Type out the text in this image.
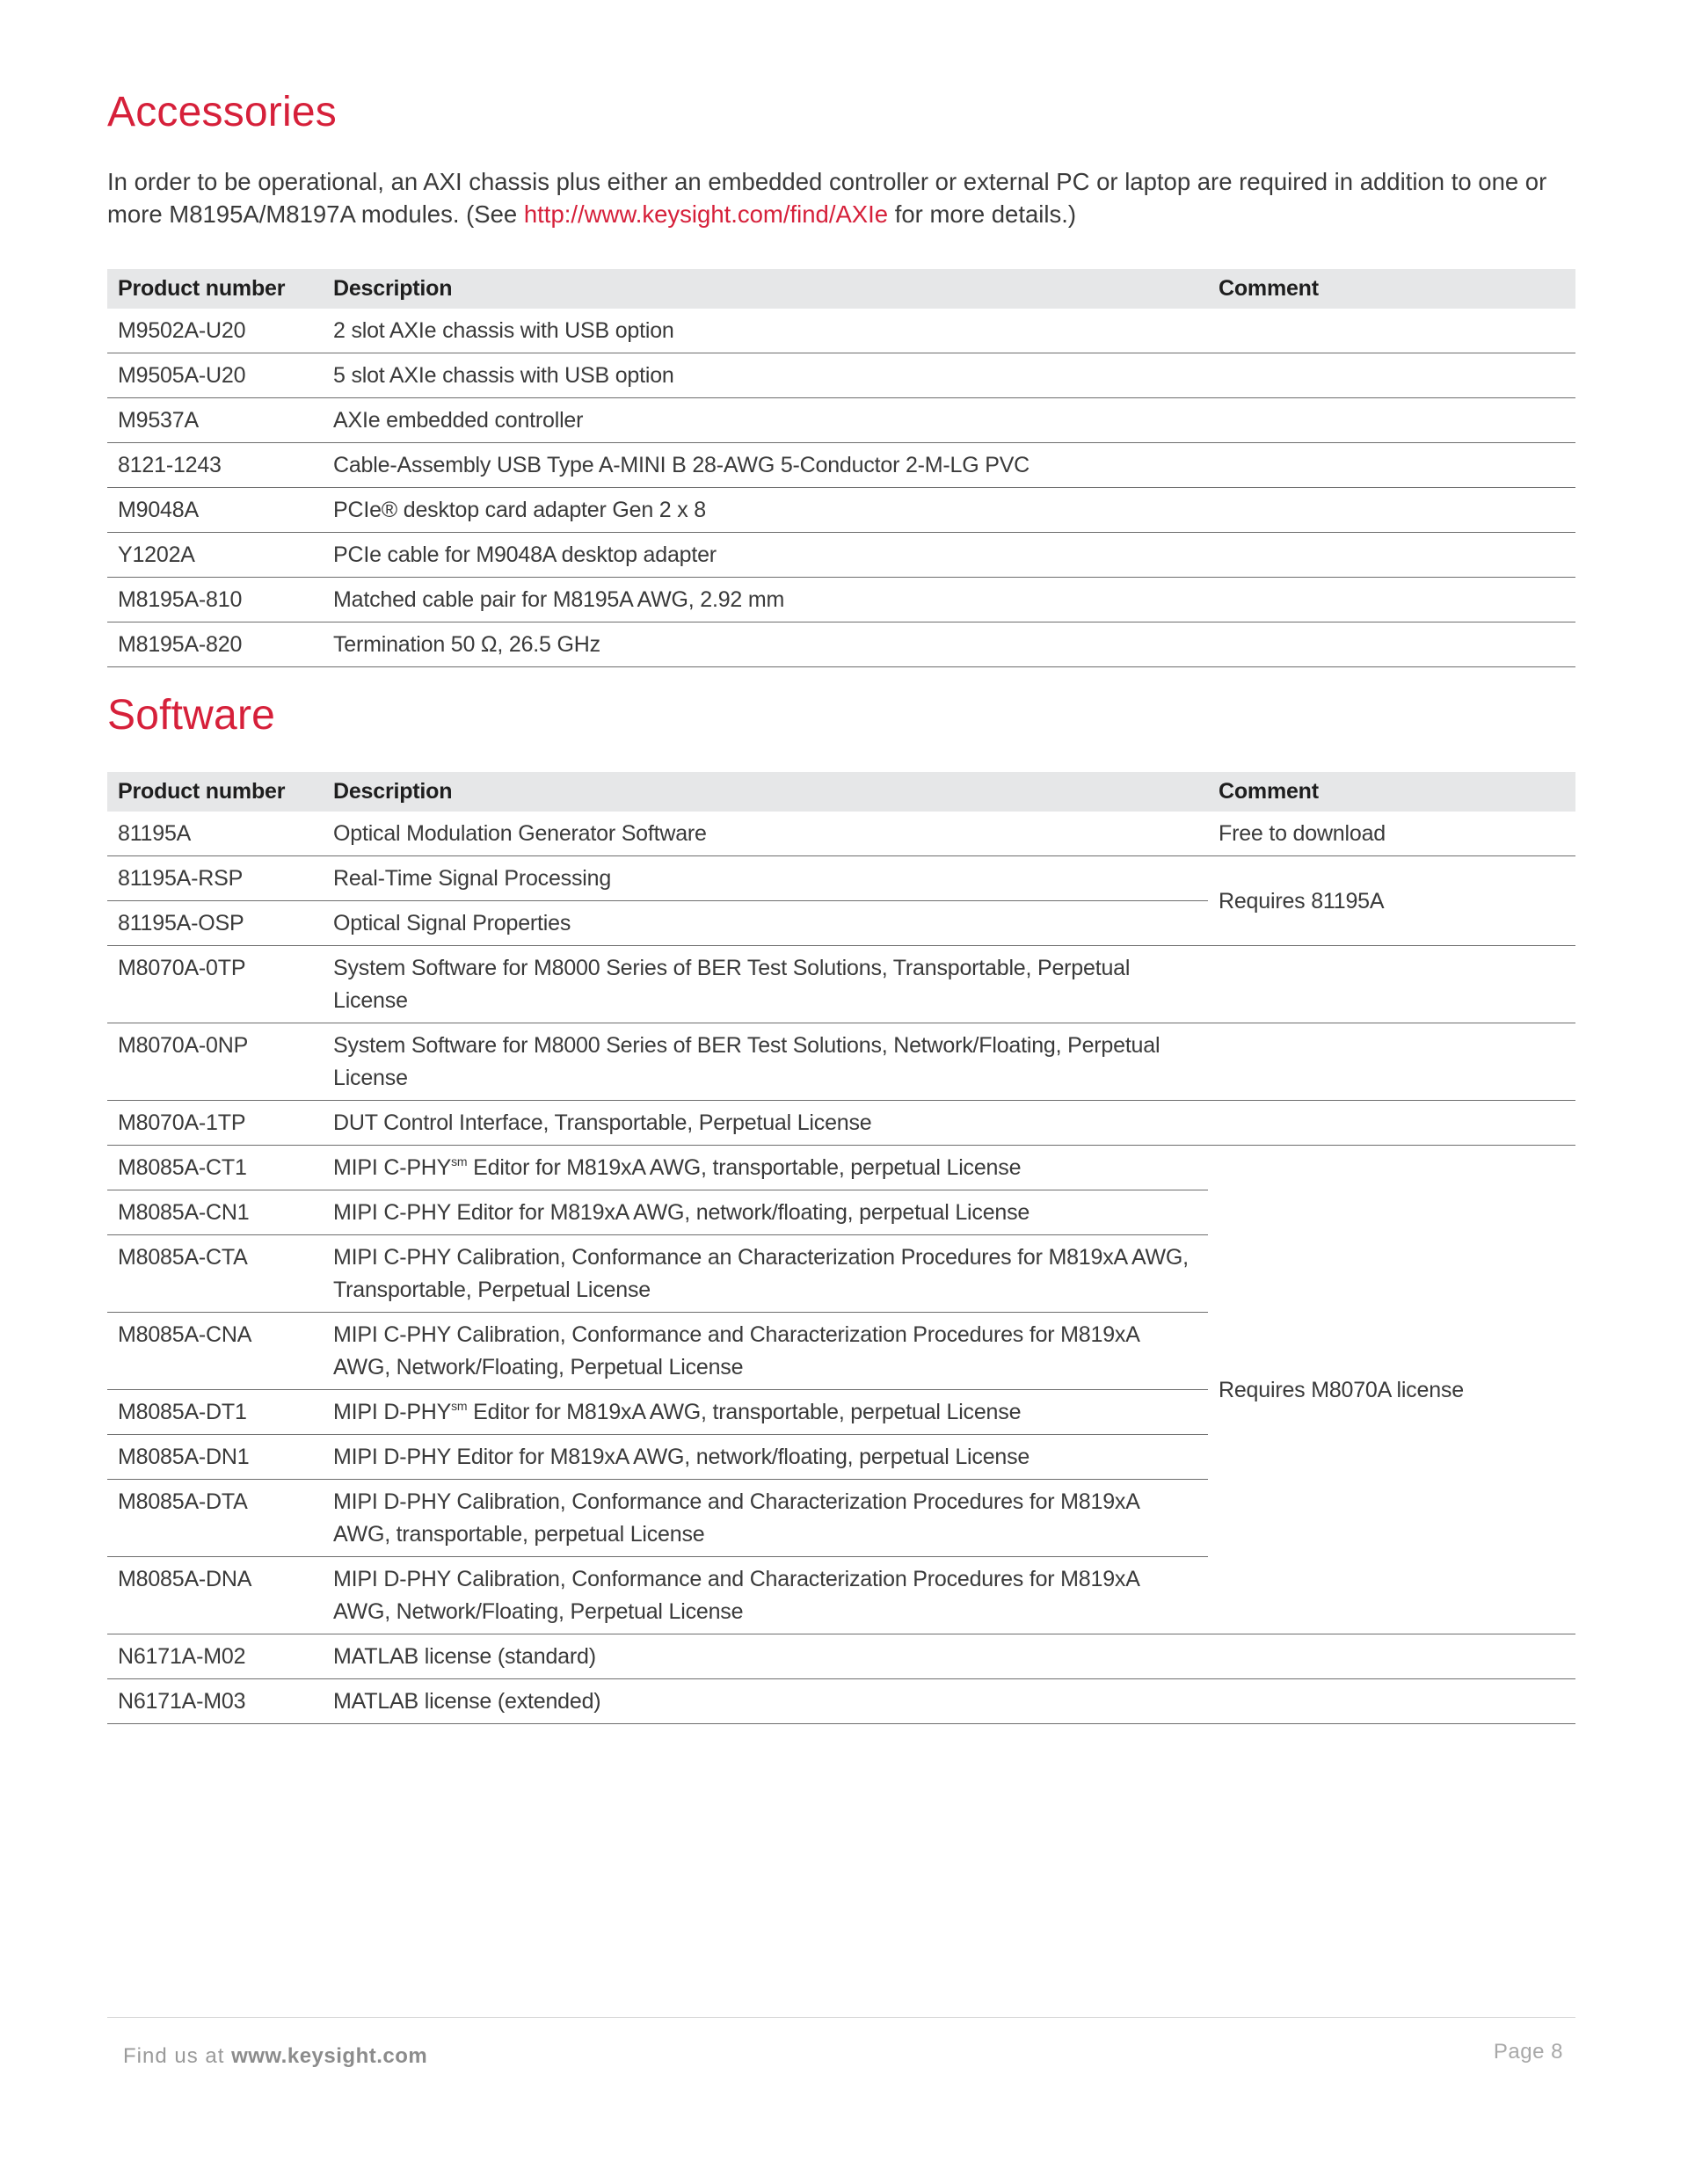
Accessories

In order to be operational, an AXI chassis plus either an embedded controller or external PC or laptop are required in addition to one or more M8195A/M8197A modules. (See http://www.keysight.com/find/AXIe for more details.)

Product number	Description	Comment
M9502A-U20	2 slot AXIe chassis with USB option	
M9505A-U20	5 slot AXIe chassis with USB option	
M9537A	AXIe embedded controller	
8121-1243	Cable-Assembly USB Type A-MINI B 28-AWG 5-Conductor 2-M-LG PVC	
M9048A	PCIe® desktop card adapter Gen 2 x 8	
Y1202A	PCIe cable for M9048A desktop adapter	
M8195A-810	Matched cable pair for M8195A AWG, 2.92 mm	
M8195A-820	Termination 50 Ω, 26.5 GHz	
Software
Product number	Description	Comment
81195A	Optical Modulation Generator Software	Free to download
81195A-RSP	Real-Time Signal Processing	Requires 81195A
81195A-OSP	Optical Signal Properties	
M8070A-0TP	System Software for M8000 Series of BER Test Solutions, Transportable, Perpetual License	
M8070A-0NP	System Software for M8000 Series of BER Test Solutions, Network/Floating, Perpetual License	
M8070A-1TP	DUT Control Interface, Transportable, Perpetual License	
M8085A-CT1	MIPI $C-PHY^{sm}$ Editor for M819xA AWG, transportable, perpetual License	Requires M8070A license
M8085A-CN1	MIPI C-PHY Editor for M819xA AWG, network/floating, perpetual License	
M8085A-CTA	MIPI C-PHY Calibration, Conformance an Characterization Procedures for M819xA AWG, Transportable, Perpetual License	
M8085A-CNA	MIPI C-PHY Calibration, Conformance and Characterization Procedures for M819xA AWG, Network/Floating, Perpetual License	
M8085A-DT1	MIPI $D-PHY^{sm}$ Editor for M819xA AWG, transportable, perpetual License	
M8085A-DN1	MIPI D-PHY Editor for M819xA AWG, network/floating, perpetual License	
M8085A-DTA	MIPI D-PHY Calibration, Conformance and Characterization Procedures for M819xA AWG, transportable, perpetual License	
M8085A-DNA	MIPI D-PHY Calibration, Conformance and Characterization Procedures for M819xA AWG, Network/Floating, Perpetual License	
N6171A-M02	MATLAB license (standard)	
N6171A-M03	MATLAB license (extended)	
Find us at www.keysight.com	Page 8
